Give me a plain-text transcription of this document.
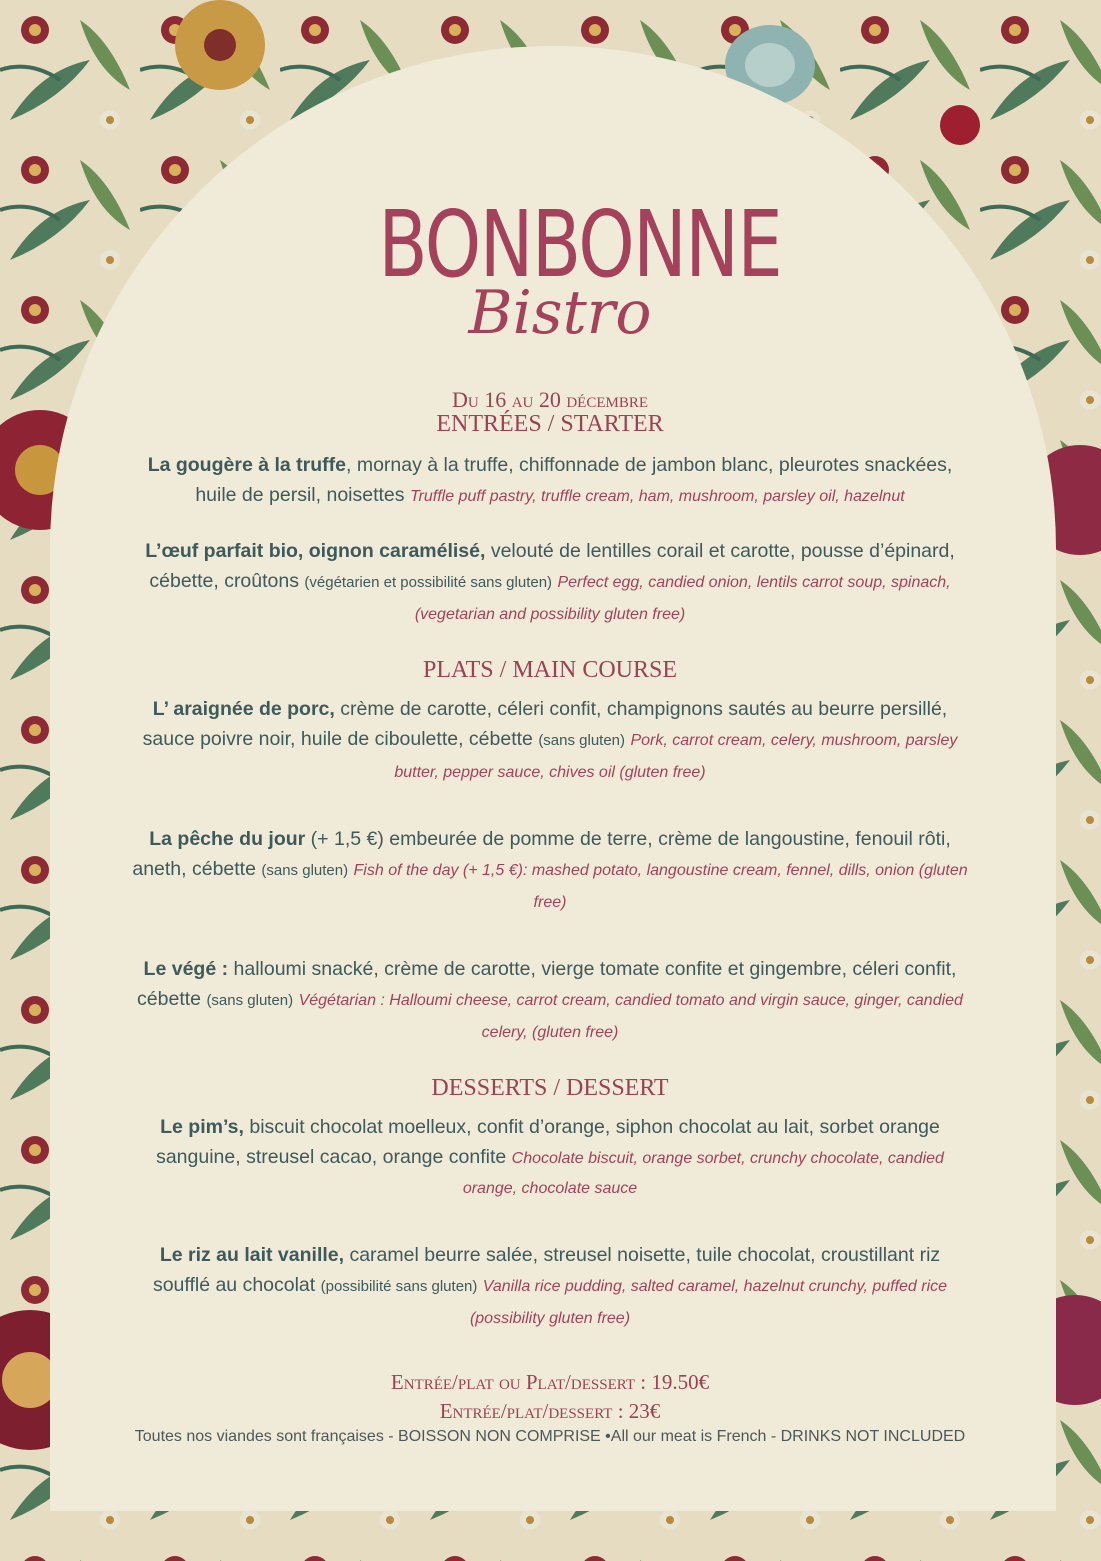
BONBONNE
Bistro
Du 16 au 20 décembre
ENTRÉES / STARTER
La gougère à la truffe, mornay à la truffe, chiffonnade de jambon blanc, pleurotes snackées, huile de persil, noisettes Truffle puff pastry, truffle cream, ham, mushroom, parsley oil, hazelnut
L’œuf parfait bio, oignon caramélisé, velouté de lentilles corail et carotte, pousse d’épinard, cébette, croûtons (végétarien et possibilité sans gluten) Perfect egg, candied onion, lentils carrot soup, spinach, (vegetarian and possibility gluten free)
PLATS / MAIN COURSE
L’ araignée de porc, crème de carotte, céleri confit, champignons sautés au beurre persillé, sauce poivre noir, huile de ciboulette, cébette (sans gluten) Pork, carrot cream, celery, mushroom, parsley butter, pepper sauce, chives oil (gluten free)
La pêche du jour (+ 1,5 €) embeurée de pomme de terre, crème de langoustine, fenouil rôti, aneth, cébette (sans gluten) Fish of the day (+ 1,5 €): mashed potato, langoustine cream, fennel, dills, onion (gluten free)
Le végé : halloumi snacké, crème de carotte, vierge tomate confite et gingembre, céleri confit, cébette (sans gluten) Végétarian : Halloumi cheese, carrot cream, candied tomato and virgin sauce, ginger, candied celery, (gluten free)
DESSERTS / DESSERT
Le pim’s, biscuit chocolat moelleux, confit d’orange, siphon chocolat au lait, sorbet orange sanguine, streusel cacao, orange confite Chocolate biscuit, orange sorbet, crunchy chocolate, candied orange, chocolate sauce
Le riz au lait vanille, caramel beurre salée, streusel noisette, tuile chocolat, croustillant riz soufflé au chocolat (possibilité sans gluten) Vanilla rice pudding, salted caramel, hazelnut crunchy, puffed rice (possibility gluten free)
Entrée/plat ou Plat/dessert : 19.50€
Entrée/plat/dessert : 23€
Toutes nos viandes sont françaises - BOISSON NON COMPRISE •All our meat is French - DRINKS NOT INCLUDED
